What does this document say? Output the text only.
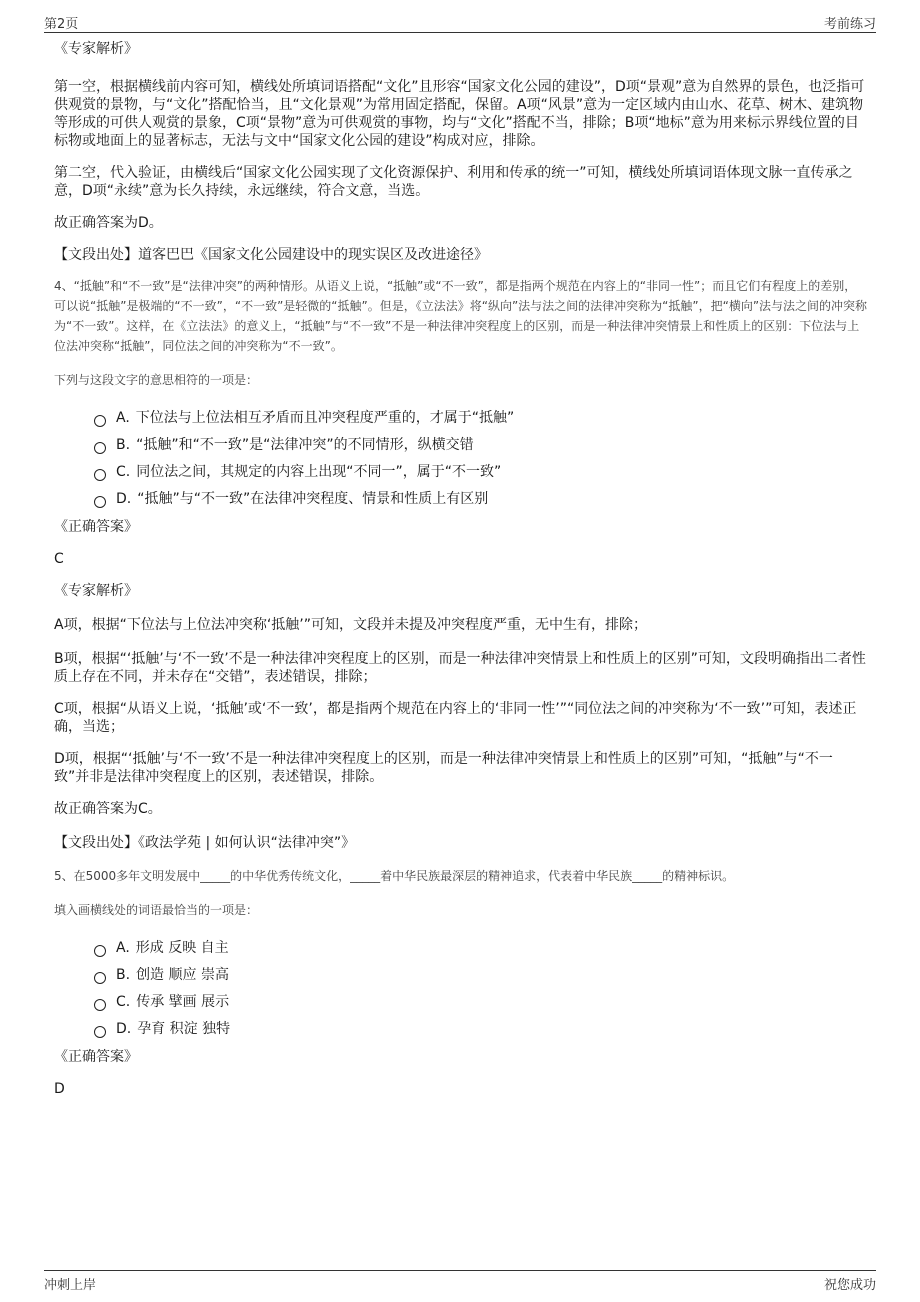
第2页	考前练习

《专家解析》

第一空，根据横线前内容可知，横线处所填词语搭配“文化”且形容“国家文化公园的建设”，D项“景观”意为自然界的景色，也泛指可供观赏的景物，与“文化”搭配恰当，且“文化景观”为常用固定搭配，保留。A项“风景”意为一定区域内由山水、花草、树木、建筑物等形成的可供人观赏的景象，C项“景物”意为可供观赏的事物，均与“文化”搭配不当，排除；B项“地标”意为用来标示界线位置的目标物或地面上的显著标志，无法与文中“国家文化公园的建设”构成对应，排除。

第二空，代入验证，由横线后“国家文化公园实现了文化资源保护、利用和传承的统一”可知，横线处所填词语体现文脉一直传承之意，D项“永续”意为长久持续，永远继续，符合文意，当选。

故正确答案为D。

【文段出处】道客巴巴《国家文化公园建设中的现实误区及改进途径》

4、“抵触”和“不一致”是“法律冲突”的两种情形。从语义上说，“抵触”或“不一致”，都是指两个规范在内容上的“非同一性”；而且它们有程度上的差别，可以说“抵触”是极端的“不一致”，“不一致”是轻微的“抵触”。但是，《立法法》将“纵向”法与法之间的法律冲突称为“抵触”，把“横向”法与法之间的冲突称为“不一致”。这样，在《立法法》的意义上，“抵触”与“不一致”不是一种法律冲突程度上的区别，而是一种法律冲突情景上和性质上的区别：下位法与上位法冲突称“抵触”，同位法之间的冲突称为“不一致”。

下列与这段文字的意思相符的一项是：

A. 下位法与上位法相互矛盾而且冲突程度严重的，才属于“抵触”
B. “抵触”和“不一致”是“法律冲突”的不同情形，纵横交错
C. 同位法之间，其规定的内容上出现“不同一”，属于“不一致”
D. “抵触”与“不一致”在法律冲突程度、情景和性质上有区别

《正确答案》

C

《专家解析》

A项，根据“下位法与上位法冲突称‘抵触’”可知，文段并未提及冲突程度严重，无中生有，排除；

B项，根据“‘抵触’与‘不一致’不是一种法律冲突程度上的区别，而是一种法律冲突情景上和性质上的区别”可知，文段明确指出二者性质上存在不同，并未存在“交错”，表述错误，排除；

C项，根据“从语义上说，‘抵触’或‘不一致’，都是指两个规范在内容上的‘非同一性’”“同位法之间的冲突称为‘不一致’”可知，表述正确，当选；

D项，根据“‘抵触’与‘不一致’不是一种法律冲突程度上的区别，而是一种法律冲突情景上和性质上的区别”可知，“抵触”与“不一致”并非是法律冲突程度上的区别，表述错误，排除。

故正确答案为C。

【文段出处】《政法学苑 | 如何认识“法律冲突”》

5、在5000多年文明发展中_____的中华优秀传统文化，_____着中华民族最深层的精神追求，代表着中华民族_____的精神标识。

填入画横线处的词语最恰当的一项是：

A. 形成 反映 自主
B. 创造 顺应 崇高
C. 传承 擘画 展示
D. 孕育 积淀 独特

《正确答案》

D

冲刺上岸	祝您成功
